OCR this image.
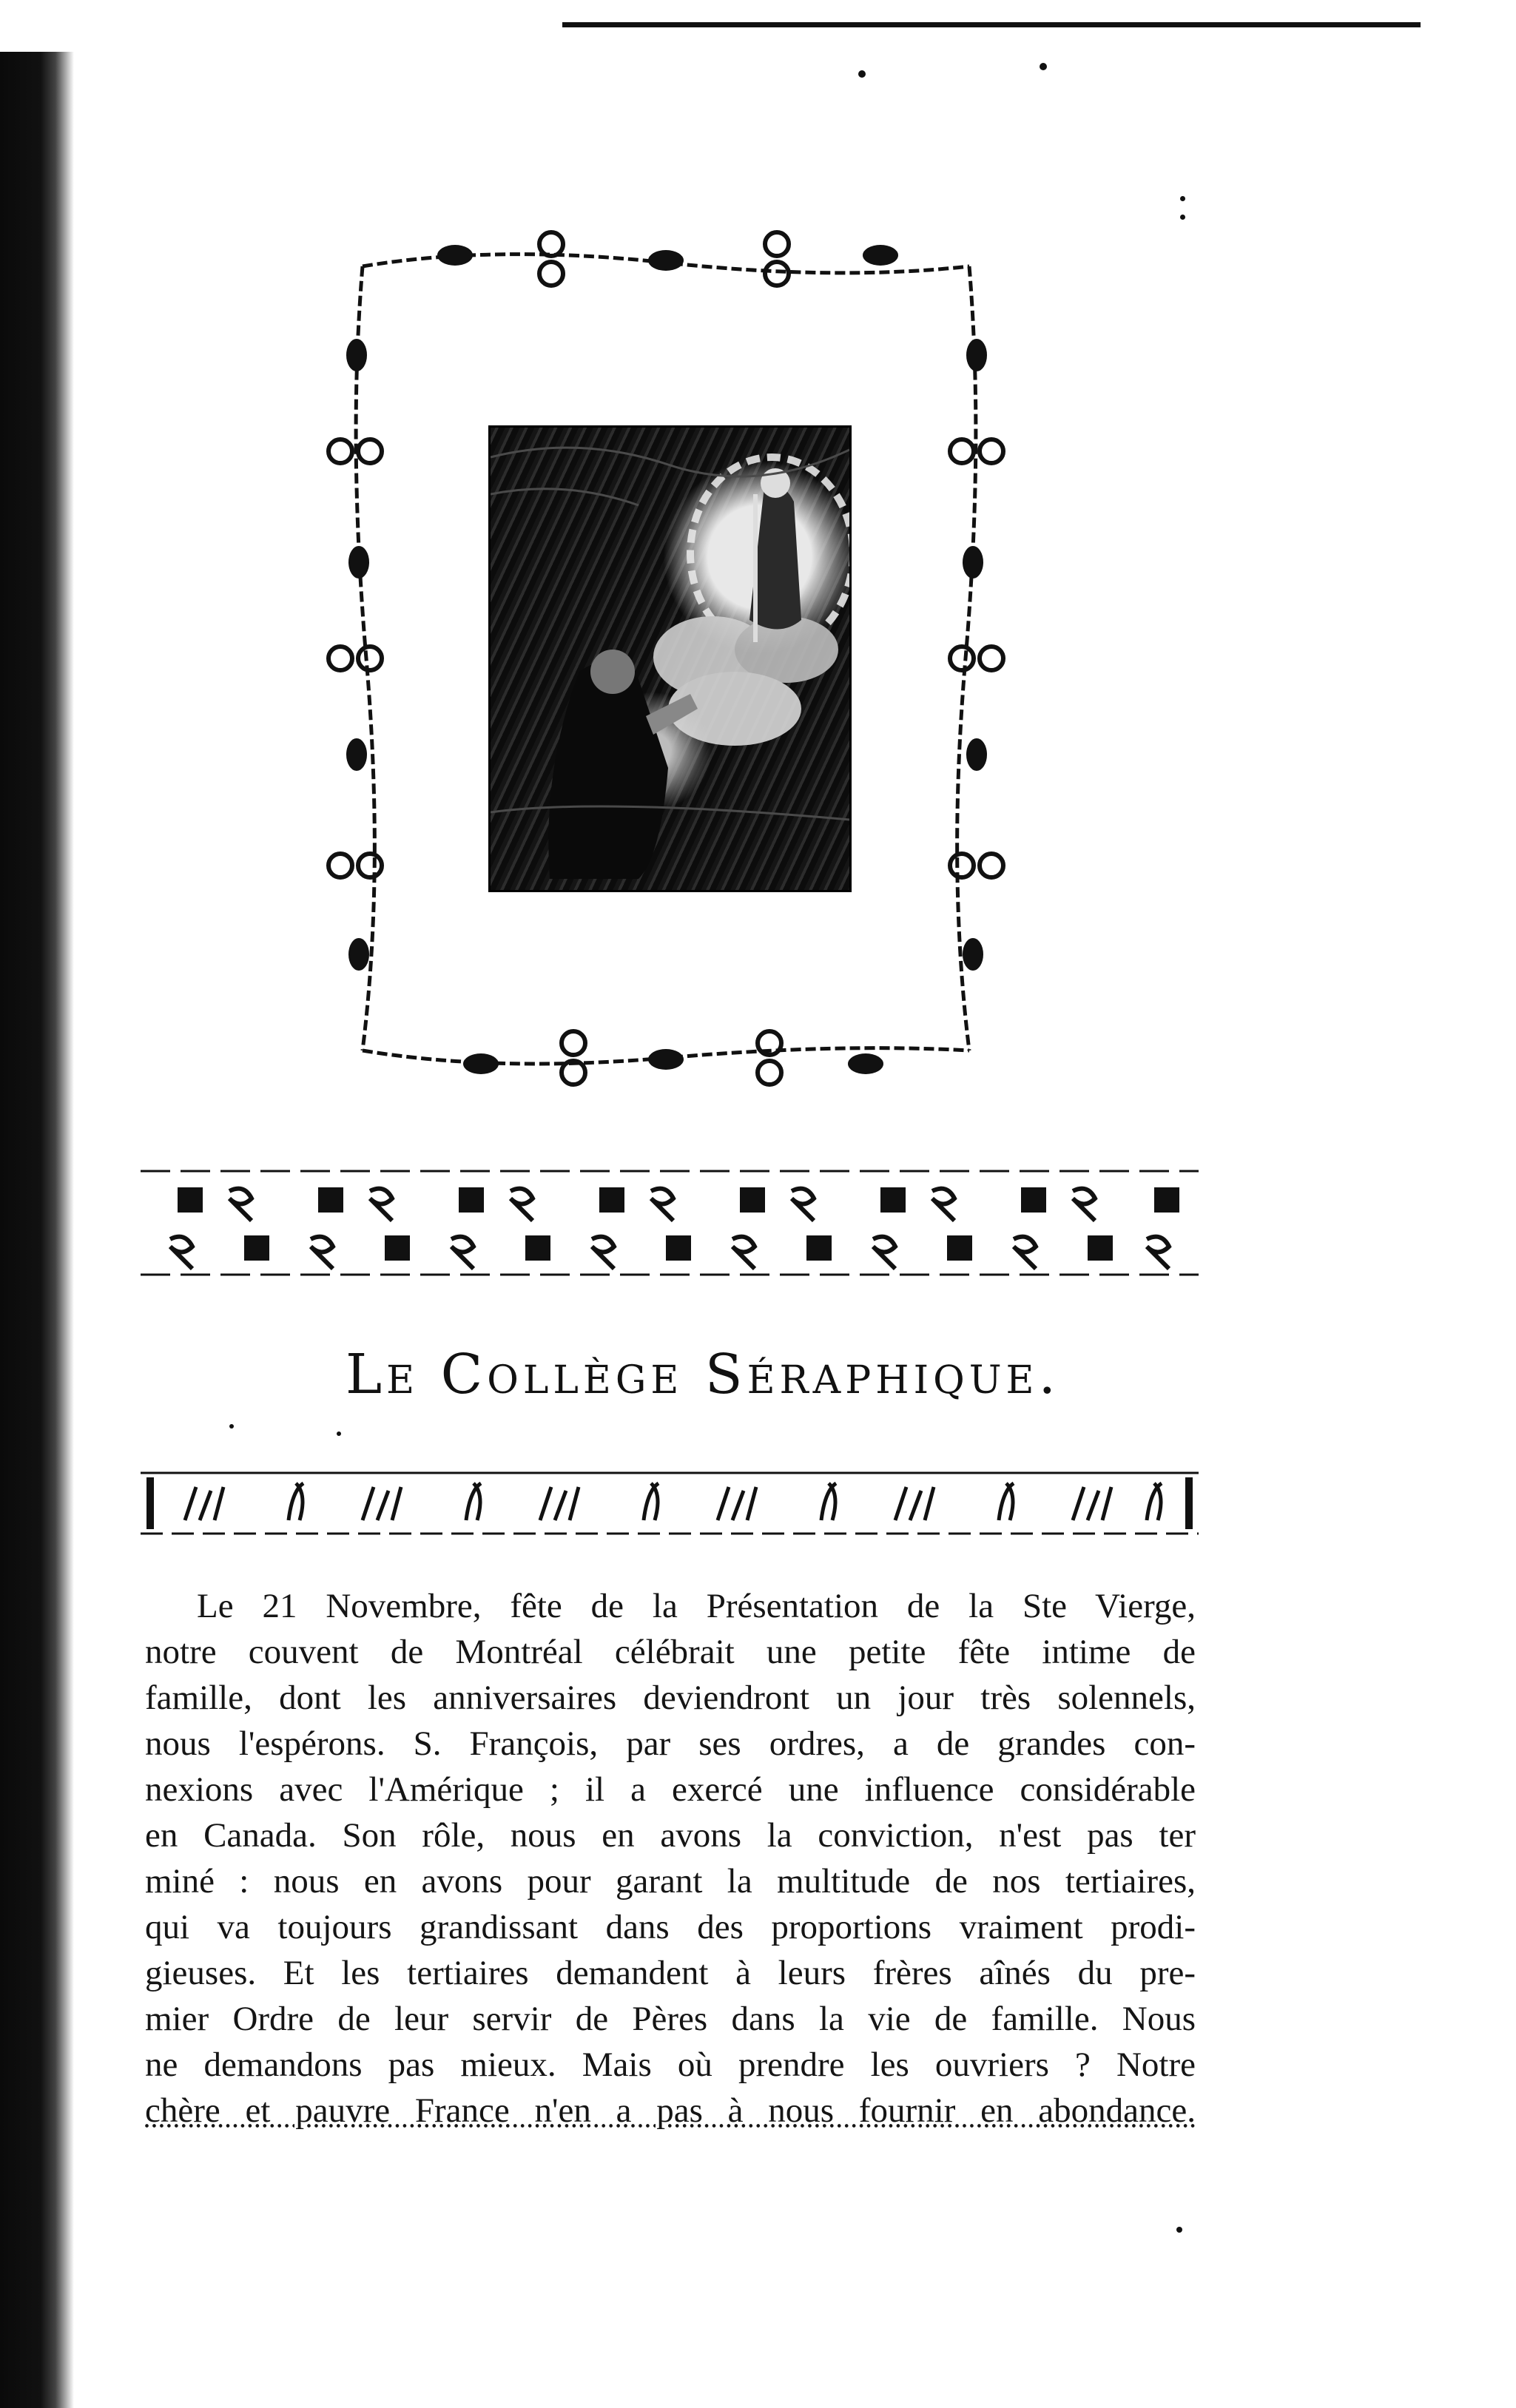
Le Collège Séraphique.
Le 21 Novembre, fête de la Présentation de la Ste Vierge,
notre couvent de Montréal célébrait une petite fête intime de
famille, dont les anniversaires deviendront un jour très solennels,
nous l'espérons. S. François, par ses ordres, a de grandes con-
nexions avec l'Amérique ; il a exercé une influence considérable
en Canada. Son rôle, nous en avons la conviction, n'est pas ter
miné : nous en avons pour garant la multitude de nos tertiaires,
qui va toujours grandissant dans des proportions vraiment prodi-
gieuses. Et les tertiaires demandent à leurs frères aînés du pre-
mier Ordre de leur servir de Pères dans la vie de famille. Nous
ne demandons pas mieux. Mais où prendre les ouvriers ? Notre
chère et pauvre France n'en a pas à nous fournir en abondance.
